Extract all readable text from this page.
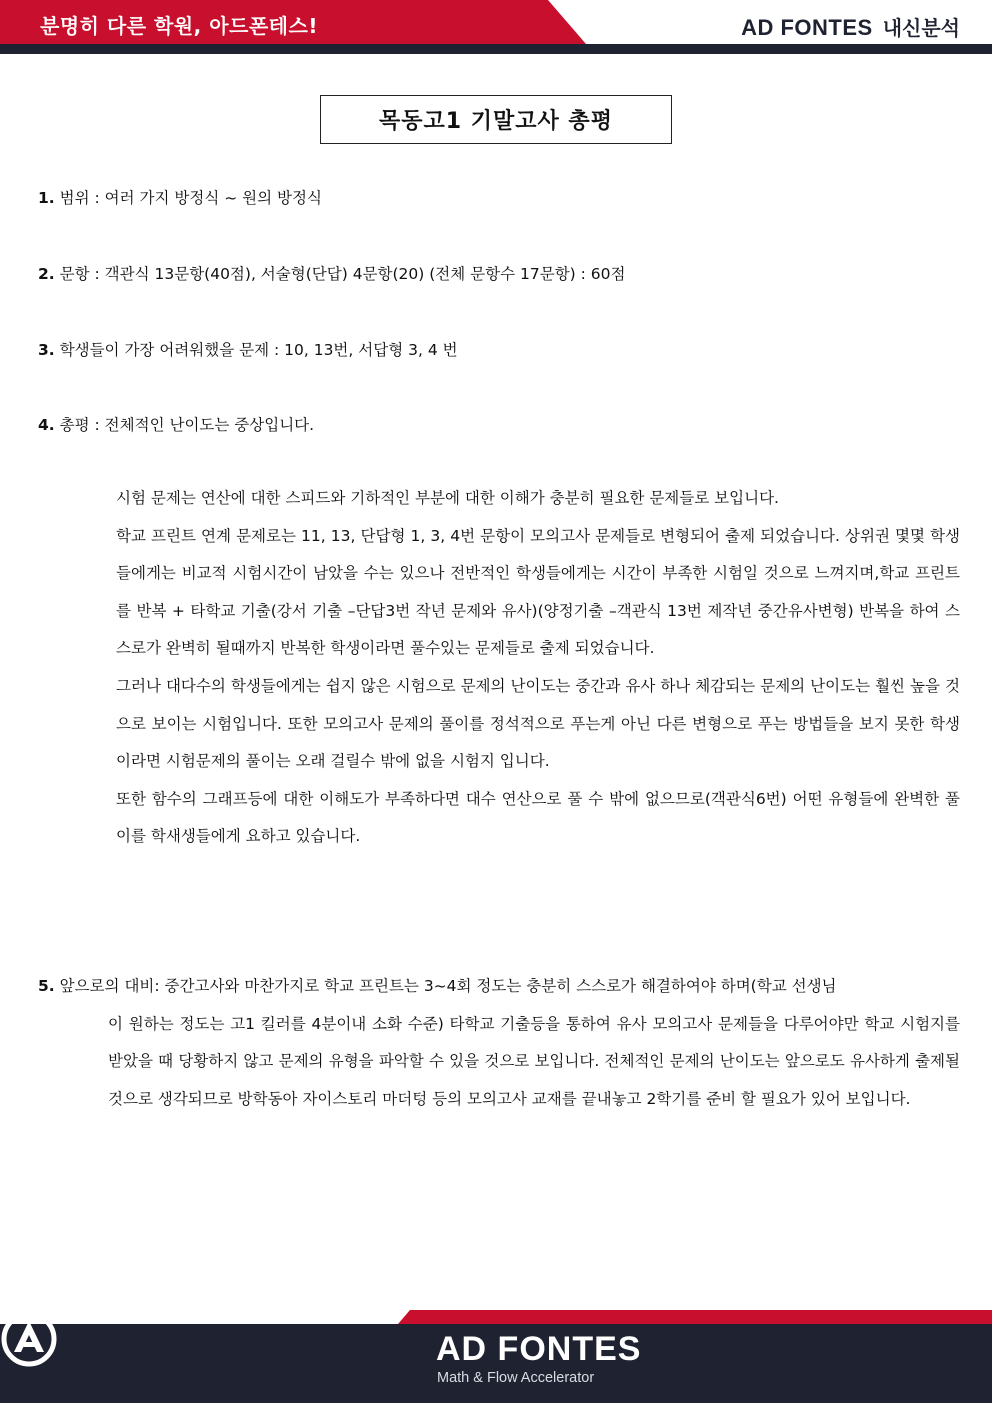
분명히 다른 학원, 아드폰테스!	AD FONTES 내신분석
목동고1 기말고사 총평
1. 범위 : 여러 가지 방정식 ~ 원의 방정식
2. 문항 : 객관식 13문항(40점), 서술형(단답) 4문항(20) (전체 문항수 17문항) : 60점
3. 학생들이 가장 어려워했을 문제 : 10, 13번, 서답형 3, 4 번
4. 총평 : 전체적인 난이도는 중상입니다.

시험 문제는 연산에 대한 스피드와 기하적인 부분에 대한 이해가 충분히 필요한 문제들로 보입니다.

학교 프린트 연계 문제로는 11, 13, 단답형 1, 3, 4번 문항이 모의고사 문제들로 변형되어 출제 되었습니다. 상위권 몇몇 학생들에게는 비교적 시험시간이 남았을 수는 있으나 전반적인 학생들에게는 시간이 부족한 시험일 것으로 느껴지며,학교 프린트를 반복 + 타학교 기출(강서 기출 –단답3번 작년 문제와 유사)(양정기출 –객관식 13번 제작년 중간유사변형) 반복을 하여 스스로가 완벽히 될때까지 반복한 학생이라면 풀수있는 문제들로 출제 되었습니다.

그러나 대다수의 학생들에게는 쉽지 않은 시험으로 문제의 난이도는 중간과 유사 하나 체감되는 문제의 난이도는 훨씬 높을 것으로 보이는 시험입니다. 또한 모의고사 문제의 풀이를 정석적으로 푸는게 아닌 다른 변형으로 푸는 방법들을 보지 못한 학생이라면 시험문제의 풀이는 오래 걸릴수 밖에 없을 시험지 입니다.

또한 함수의 그래프등에 대한 이해도가 부족하다면 대수 연산으로 풀 수 밖에 없으므로(객관식6번) 어떤 유형들에 완벽한 풀이를 학새생들에게 요하고 있습니다.

5. 앞으로의 대비: 중간고사와 마찬가지로 학교 프린트는 3~4회 정도는 충분히 스스로가 해결하여야 하며(학교 선생님
이 원하는 정도는 고1 킬러를 4분이내 소화 수준) 타학교 기출등을 통하여 유사 모의고사 문제들을 다루어야만 학교 시험지를 받았을 때 당황하지 않고 문제의 유형을 파악할 수 있을 것으로 보입니다. 전체적인 문제의 난이도는 앞으로도 유사하게 출제될 것으로 생각되므로 방학동아 자이스토리 마더텅 등의 모의고사 교재를 끝내놓고 2학기를 준비 할 필요가 있어 보입니다.
AD FONTES
Math & Flow Accelerator
